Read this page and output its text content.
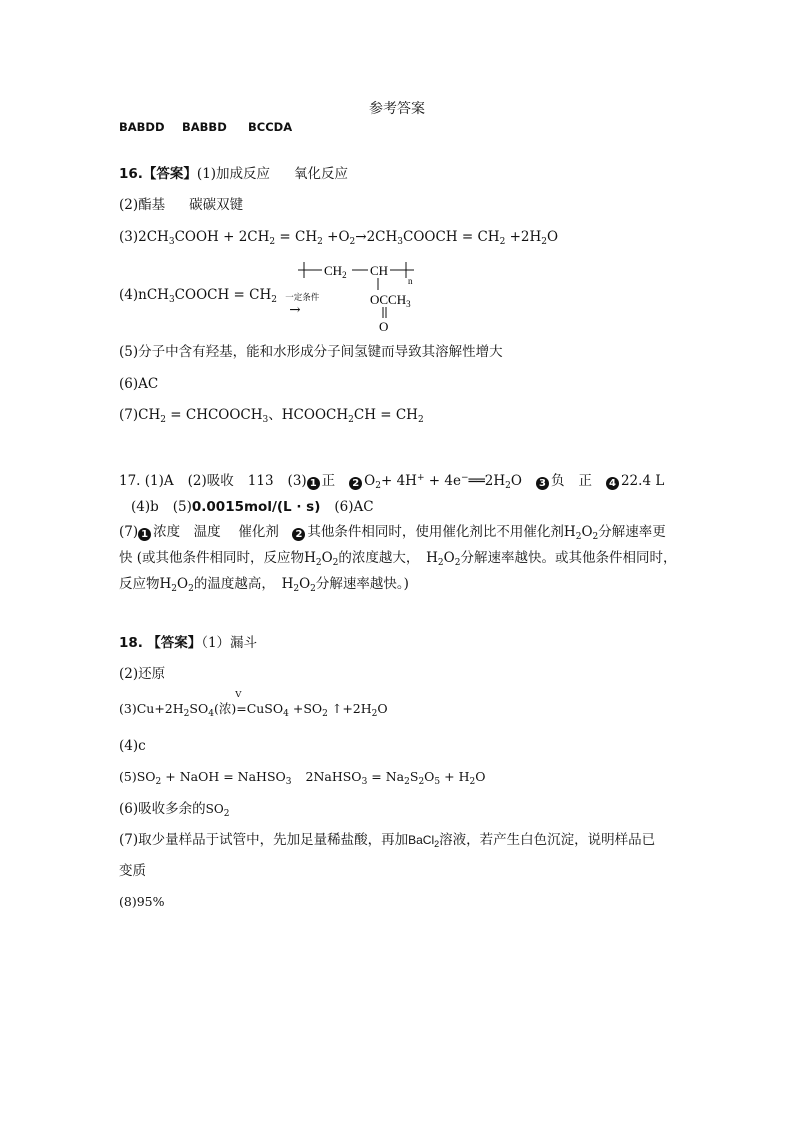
参考答案
BABDD BABBD BCCDA
16.【答案】(1)加成反应 氧化反应
(2)酯基 碳碳双键
$(3)2CH_3COOH + 2CH_2 = CH_2$ $+O_2\to 2CH_3COOCH = CH_2 +2H_2O$
(4)nCH$_3$COOCH = $CH_2$ 一定条件
→
$CH_2$ CH
n
$OCCH_3$
O
(5)分子中含有羟基，能和水形成分子间氢键而导致其溶解性增大
(6)AC
$(7)CH_2$ = $CHCOOCH_3$、$HCOOCH_2CH = CH_2$
17. (1)A (2)吸收 113 (3) 1 正 2 $O_2+ 4H^+$ + $4e^-══2H_2O$ 3 负 正 4 22.4 L
(4)b (5)0.0015mol/(L · s) (6)AC
(7) 1 浓度　温度　 催化剂　 2 其他条件相同时，使用催化剂比不用催化剂$H_2O_2$分解速率更快 (或其他条件相同时，反应物$H_2O_2$的浓度越大，　$H_2O_2$分解速率越快。或其他条件相同时，反应物$H_2O_2$的温度越高，　$H_2O_2$分解速率越快。)
18. 【答案】（1）漏斗
(2)还原
$(3)Cu+2H_2SO_4$(浓)
V
=CuSO$_4$ $+SO_2$ $↑+2H_2O$
(4)c
$(5)SO_2$ + NaOH = NaHSO$_3$ 2NaHSO$_3$ = $Na_2S_2O_5 + H_2O$
(6)吸收多余的$SO_2$
(7)取少量样品于试管中，先加足量稀盐酸，再加BaCl$_2$溶液，若产生白色沉淀，说明样品已
变质
(8)95%
